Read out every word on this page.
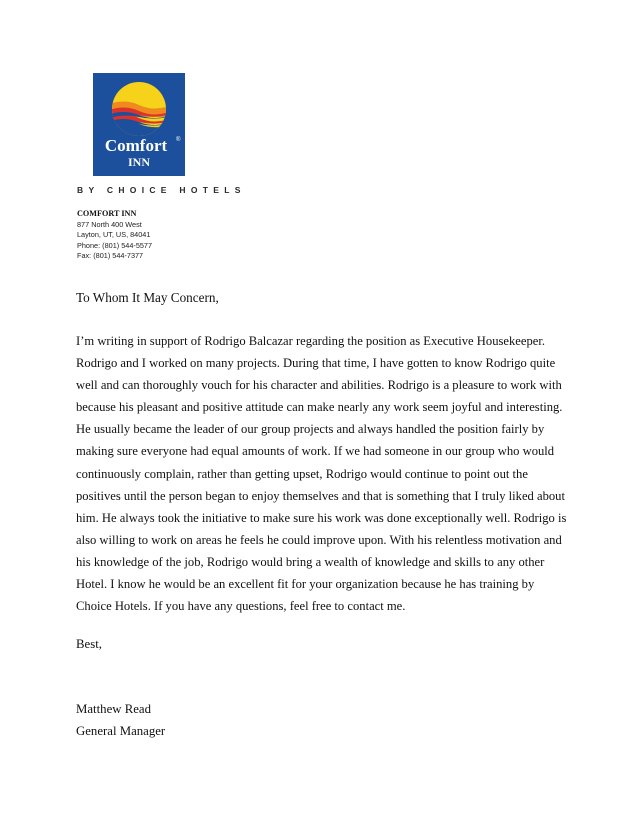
Comfort ®
INN
BY CHOICE HOTELS
COMFORT INN
877 North 400 West
Layton, UT, US, 84041
Phone: (801) 544-5577
Fax: (801) 544-7377
To Whom It May Concern,
I’m writing in support of Rodrigo Balcazar regarding the position as Executive Housekeeper.
Rodrigo and I worked on many projects. During that time, I have gotten to know Rodrigo quite
well and can thoroughly vouch for his character and abilities. Rodrigo is a pleasure to work with
because his pleasant and positive attitude can make nearly any work seem joyful and interesting.
He usually became the leader of our group projects and always handled the position fairly by
making sure everyone had equal amounts of work. If we had someone in our group who would
continuously complain, rather than getting upset, Rodrigo would continue to point out the
positives until the person began to enjoy themselves and that is something that I truly liked about
him. He always took the initiative to make sure his work was done exceptionally well. Rodrigo is
also willing to work on areas he feels he could improve upon. With his relentless motivation and
his knowledge of the job, Rodrigo would bring a wealth of knowledge and skills to any other
Hotel. I know he would be an excellent fit for your organization because he has training by
Choice Hotels. If you have any questions, feel free to contact me.
Best,
Matthew Read
General Manager
